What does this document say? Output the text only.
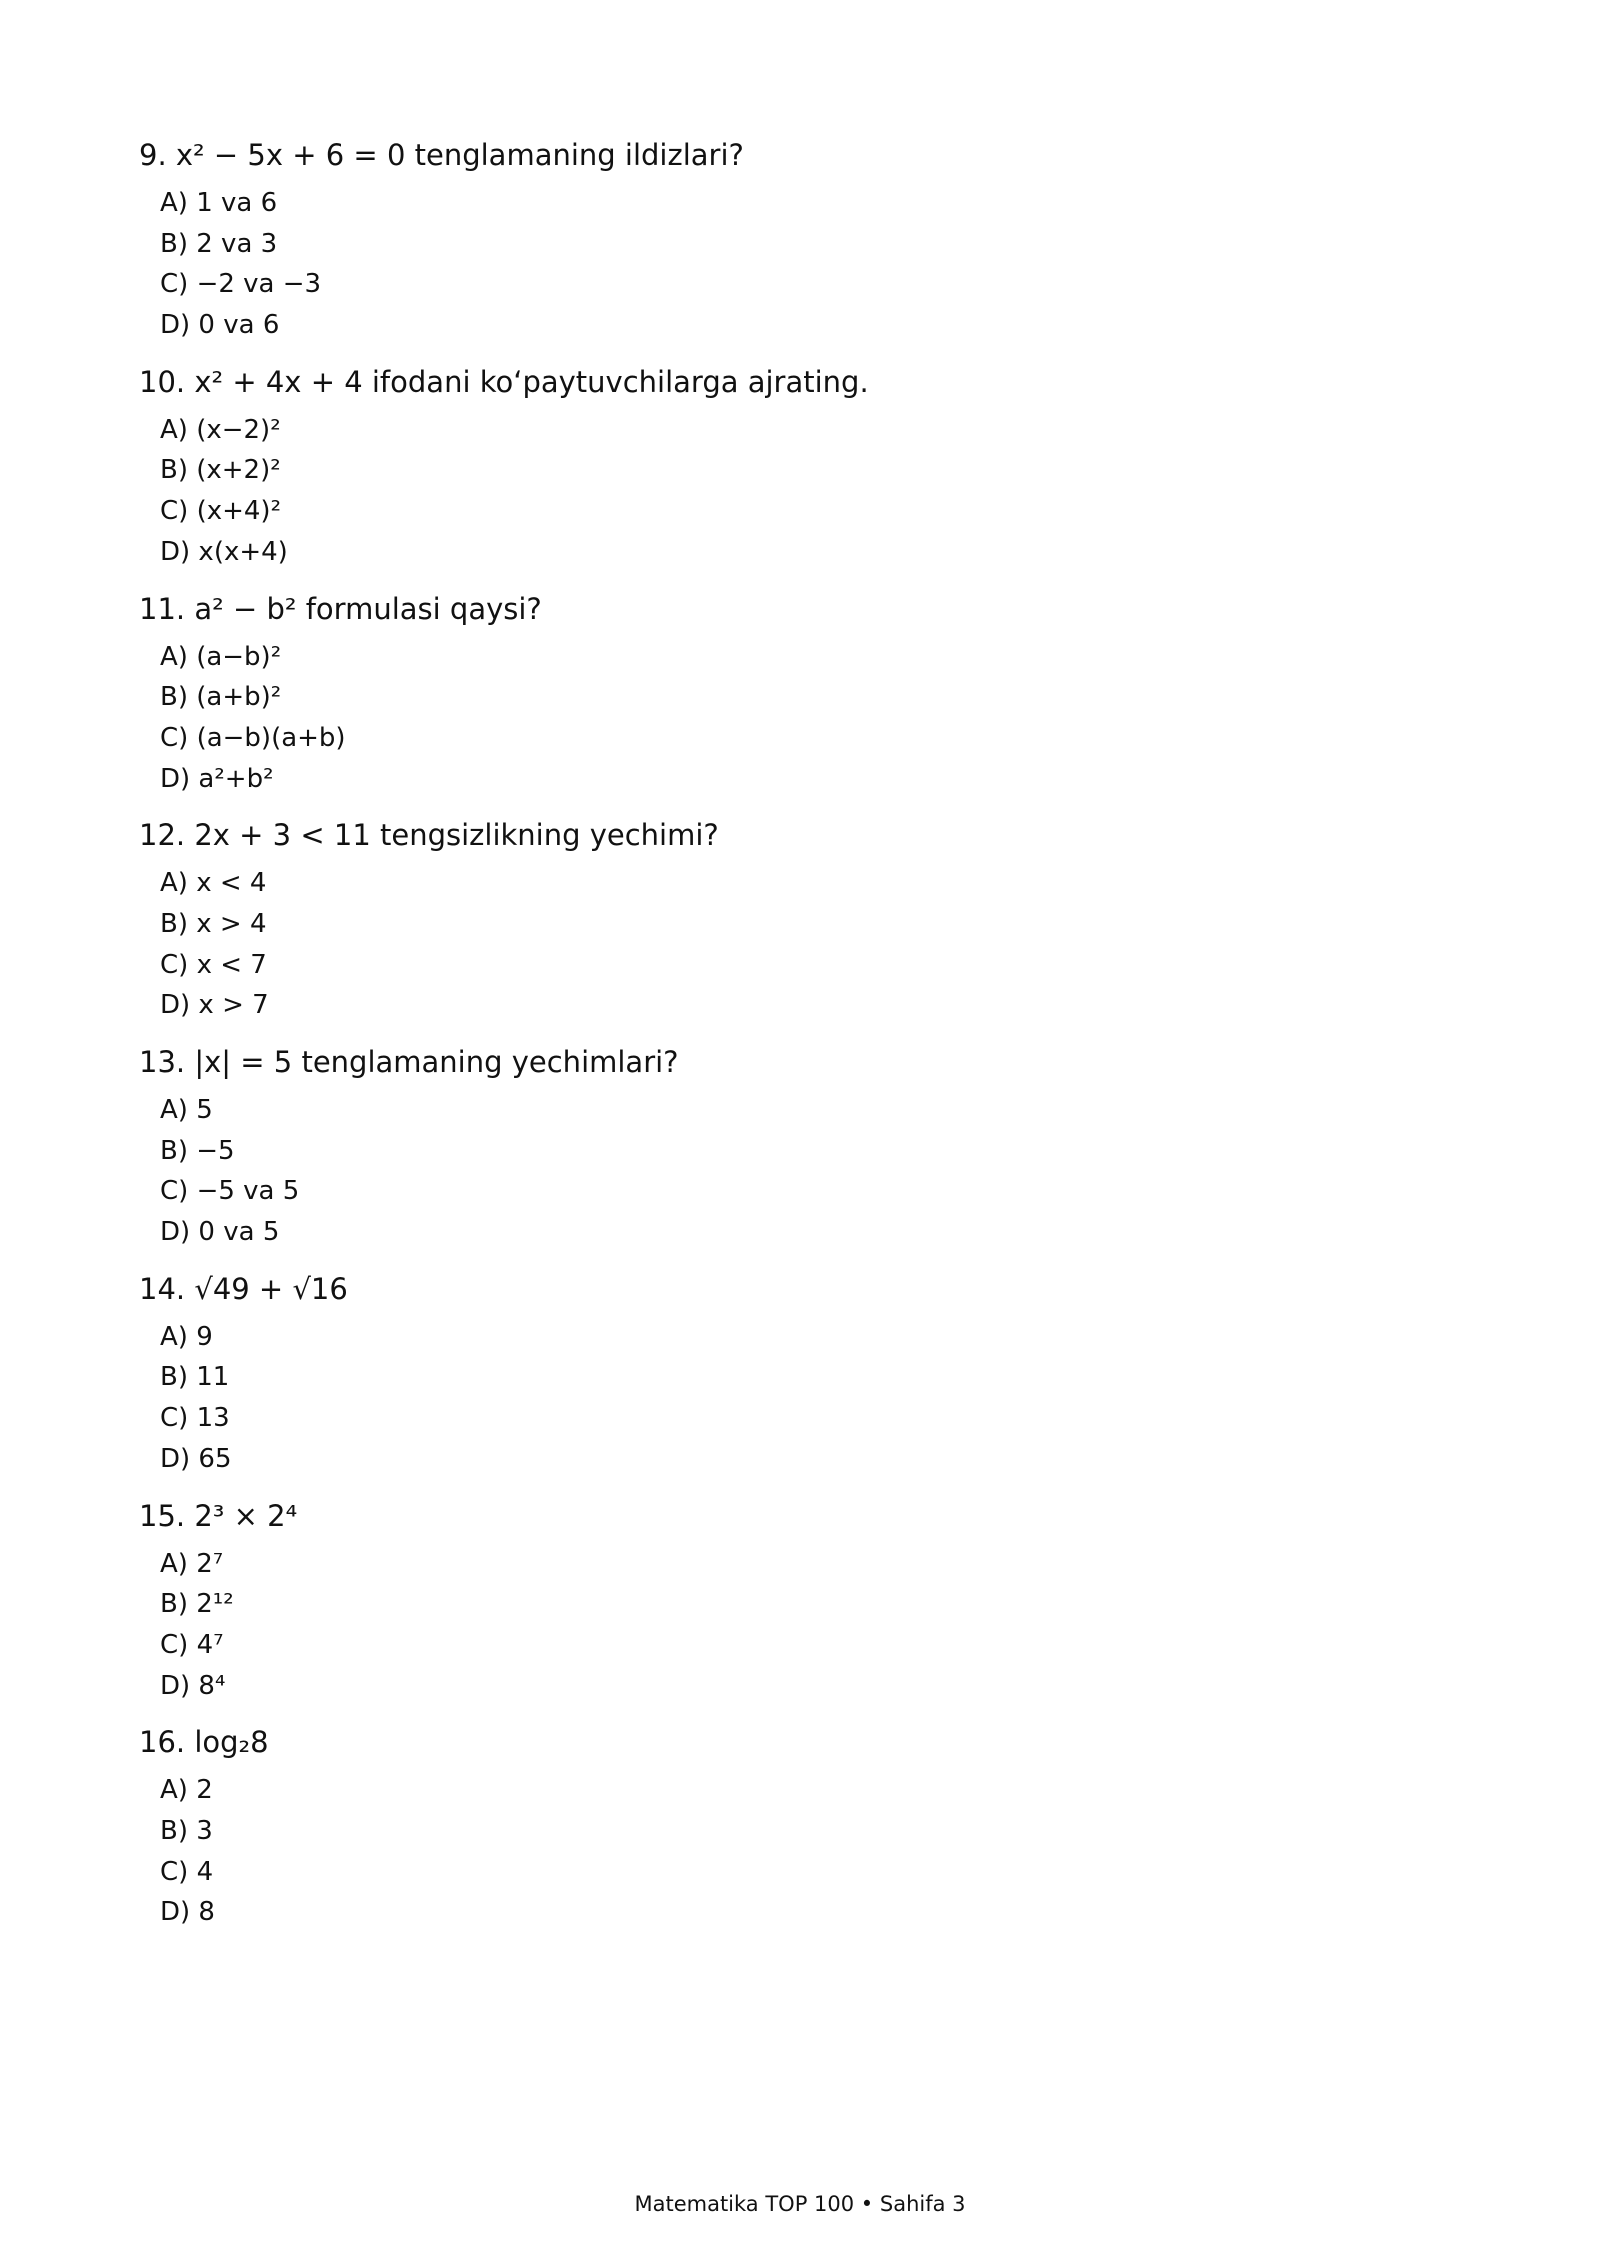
9. x² − 5x + 6 = 0 tenglamaning ildizlari?
A) 1 va 6
B) 2 va 3
C) −2 va −3
D) 0 va 6
10. x² + 4x + 4 ifodani ko‘paytuvchilarga ajrating.
A) (x−2)²
B) (x+2)²
C) (x+4)²
D) x(x+4)
11. a² − b² formulasi qaysi?
A) (a−b)²
B) (a+b)²
C) (a−b)(a+b)
D) a²+b²
12. 2x + 3 < 11 tengsizlikning yechimi?
A) x < 4
B) x > 4
C) x < 7
D) x > 7
13. |x| = 5 tenglamaning yechimlari?
A) 5
B) −5
C) −5 va 5
D) 0 va 5
14. √49 + √16
A) 9
B) 11
C) 13
D) 65
15. 2³ × 2⁴
A) 2⁷
B) 2¹²
C) 4⁷
D) 8⁴
16. log₂8
A) 2
B) 3
C) 4
D) 8
Matematika TOP 100 • Sahifa 3
